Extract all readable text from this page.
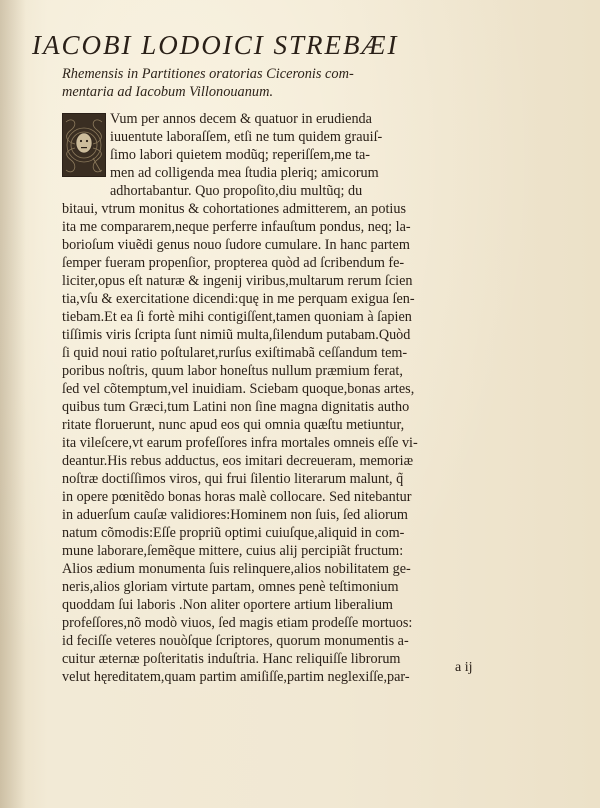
IACOBI LODOICI STREBÆI
Rhemensis in Partitiones oratorias Ciceronis com-
mentaria ad Iacobum Villonouanum.
Vum per annos decem & quatuor in erudienda
iuuentute laboraſſem, etſi ne tum quidem grauiſ-
ſimo labori quietem modũq; reperiſſem,me ta-
men ad colligenda mea ſtudia pleriq; amicorum
adhortabantur. Quo propoſito,diu multũq; du
bitaui, vtrum monitus & cohortationes admitterem, an potius
ita me compararem,neque perferre infauſtum pondus, neq; la-
borioſum viuẽdi genus nouo ſudore cumulare. In hanc partem
ſemper fueram propenſior, propterea quòd ad ſcribendum fe-
liciter,opus eſt naturæ & ingenij viribus,multarum rerum ſcien
tia,vſu & exercitatione dicendi:quę in me perquam exigua ſen-
tiebam.Et ea ſi fortè mihi contigiſſent,tamen quoniam à ſapien
tiſſimis viris ſcripta ſunt nimiũ multa,ſilendum putabam.Quòd
ſi quid noui ratio poſtularet,rurſus exiſtimabã ceſſandum tem-
poribus noſtris, quum labor honeſtus nullum præmium ferat,
ſed vel cõtemptum,vel inuidiam. Sciebam quoque,bonas artes,
quibus tum Græci,tum Latini non ſine magna dignitatis autho
ritate floruerunt, nunc apud eos qui omnia quæſtu metiuntur,
ita vileſcere,vt earum profeſſores infra mortales omneis eſſe vi-
deantur.His rebus adductus, eos imitari decreueram, memoriæ
noſtræ doctiſſimos viros, qui frui ſilentio literarum malunt, q̃
in opere pœnitẽdo bonas horas malè collocare. Sed nitebantur
in aduerſum cauſæ validiores:Hominem non ſuis, ſed aliorum
natum cõmodis:Eſſe propriũ optimi cuiuſque,aliquid in com-
mune laborare,ſemẽque mittere, cuius alij percipiãt fructum:
Alios ædium monumenta ſuis relinquere,alios nobilitatem ge-
neris,alios gloriam virtute partam, omnes penè teſtimonium
quoddam ſui laboris .Non aliter oportere artium liberalium
profeſſores,nõ modò viuos, ſed magis etiam prodeſſe mortuos:
id feciſſe veteres nouòſque ſcriptores, quorum monumentis a-
cuitur æternæ poſteritatis induſtria. Hanc reliquiſſe librorum
velut hęreditatem,quam partim amiſiſſe,partim neglexiſſe,par-
a ij
